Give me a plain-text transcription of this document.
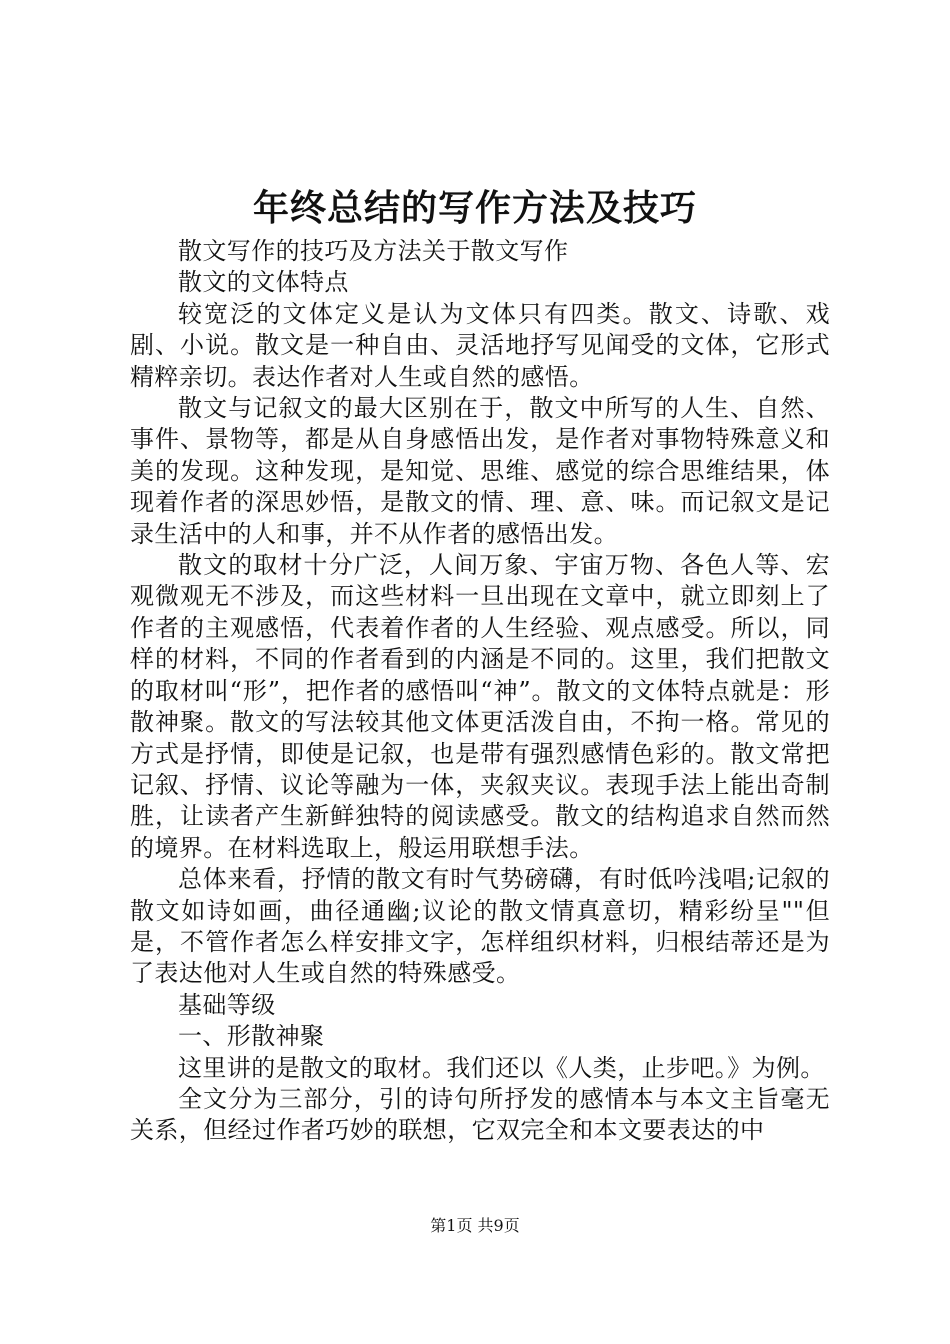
年终总结的写作方法及技巧

散文写作的技巧及方法关于散文写作

散文的文体特点

较宽泛的文体定义是认为文体只有四类。散文、诗歌、戏剧、小说。散文是一种自由、灵活地抒写见闻受的文体，它形式精粹亲切。表达作者对人生或自然的感悟。

散文与记叙文的最大区别在于，散文中所写的人生、自然、事件、景物等，都是从自身感悟出发，是作者对事物特殊意义和美的发现。这种发现，是知觉、思维、感觉的综合思维结果，体现着作者的深思妙悟，是散文的情、理、意、味。而记叙文是记录生活中的人和事，并不从作者的感悟出发。

散文的取材十分广泛，人间万象、宇宙万物、各色人等、宏观微观无不涉及，而这些材料一旦出现在文章中，就立即刻上了作者的主观感悟，代表着作者的人生经验、观点感受。所以，同样的材料，不同的作者看到的内涵是不同的。这里，我们把散文的取材叫“形”，把作者的感悟叫“神”。散文的文体特点就是：形散神聚。散文的写法较其他文体更活泼自由，不拘一格。常见的方式是抒情，即使是记叙，也是带有强烈感情色彩的。散文常把记叙、抒情、议论等融为一体，夹叙夹议。表现手法上能出奇制胜，让读者产生新鲜独特的阅读感受。散文的结构追求自然而然的境界。在材料选取上，般运用联想手法。

总体来看，抒情的散文有时气势磅礴，有时低吟浅唱;记叙的散文如诗如画，曲径通幽;议论的散文情真意切，精彩纷呈""但是，不管作者怎么样安排文字，怎样组织材料，归根结蒂还是为了表达他对人生或自然的特殊感受。

基础等级

一、形散神聚

这里讲的是散文的取材。我们还以《人类，止步吧。》为例。

全文分为三部分，引的诗句所抒发的感情本与本文主旨毫无关系，但经过作者巧妙的联想，它双完全和本文要表达的中

第1页 共9页
